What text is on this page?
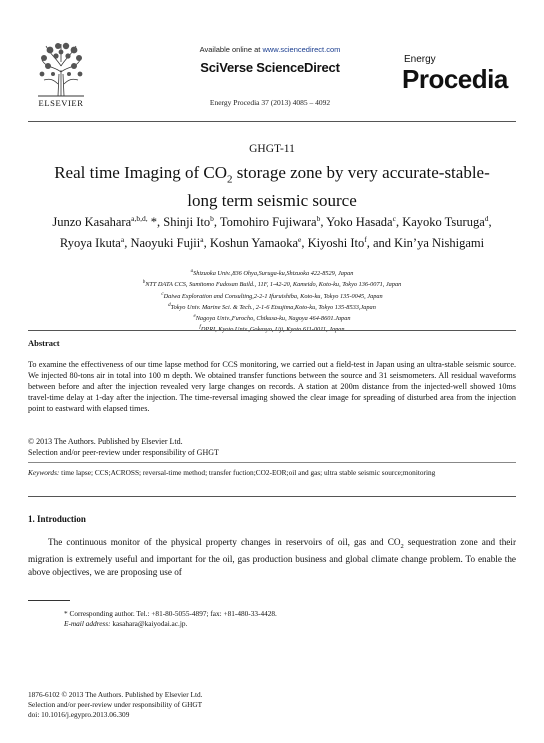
ELSEVIER
Available online at www.sciencedirect.com
SciVerse ScienceDirect
Energy Procedia 37 (2013) 4085 – 4092
Energy
Procedia
GHGT-11
Real time Imaging of $CO_2$ storage zone by very accurate-stable-long term seismic source
Junzo Kasahara$^{a,b,d,}$ *, Shinji Ito$^b$, Tomohiro Fujiwara$^b$, Yoko Hasada$^c$, Kayoko Tsuruga$^d$, Ryoya Ikuta$^a$, Naoyuki Fujii$^a$, Koshun Yamaoka$^e$, Kiyoshi Ito$^f$, and Kin’ya Nishigami
$^a$Shizuoka Univ.,836 Ohya,Suruga-ku,Shizuoka 422-8529, Japan
$^b$NTT DATA CCS, Sumitomo Fudosan Build., 11F, 1-42-20, Kameido, Koto-ku, Tokyo 136-0071, Japan
$^c$Daiwa Exploration and Consulting,2-2-1 Ifuruishiba, Koto-ku, Tokyo 135-0045, Japan
$^d$Tokyo Univ. Marine Sci. & Tech., 2-1-6 Etsujima,Koto-ku, Tokyo 135-8533,Japan
$^e$Nagoya Univ.,Furocho, Chikusa-ku, Nagoya 464-8601.Japan
$^f$
Abstract
To examine the effectiveness of our time lapse method for CCS monitoring, we carried out a field-test in Japan using an ultra-stable seismic source. We injected 80-tons air in total into 100 m depth. We obtained transfer functions between the source and 31 seismometers. All residual waveforms between before and after the injection revealed very large changes on records. A station at 200m distance from the injected-well showed 10ms travel-time delay at 1-day after the injection. The time-reversal imaging showed the clear image for spreading of disturbed area from the injection point to eastward with elapsed times.
© 2013 The Authors. Published by Elsevier Ltd.
Selection and/or peer-review under responsibility of GHGT
Keywords: time lapse; CCS;ACROSS; reversal-time method; transfer fuction;CO2-EOR;oil and gas; ultra stable seismic source;monitoring
1. Introduction
The continuous monitor of the physical property changes in reservoirs of oil, gas and $CO_2$ sequestration zone and their migration is extremely useful and important for the oil, gas production business and global climate change problem. To enable the above objectives, we are proposing use of
* Corresponding author. Tel.: +81-80-5055-4897; fax: +81-480-33-4428.
E-mail address: kasahara@kaiyodai.ac.jp.
1876-6102 © 2013 The Authors. Published by Elsevier Ltd.
Selection and/or peer-review under responsibility of GHGT
doi: 10.1016/j.egypro.2013.06.309
